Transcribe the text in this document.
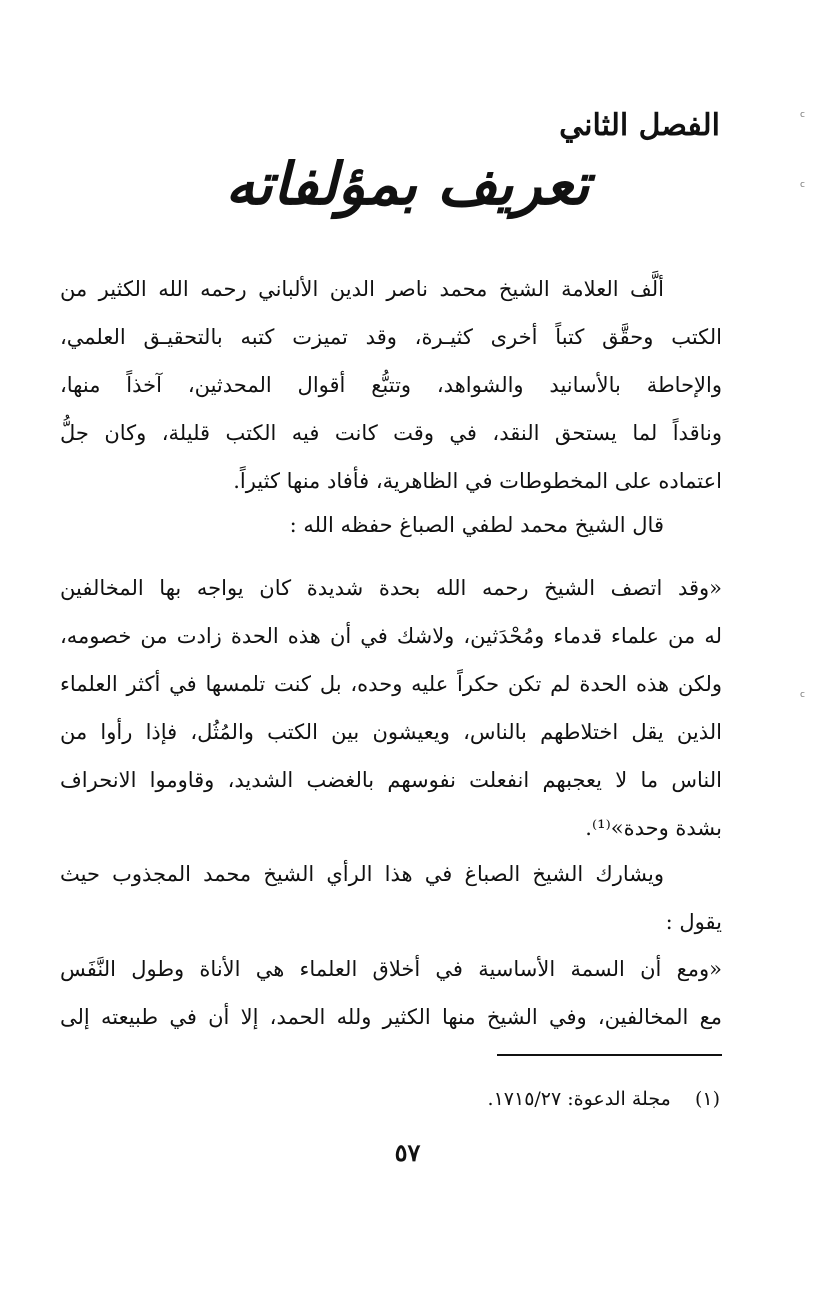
c
c
c
الفصل الثاني
تعريف بمؤلفاته
ألَّف العلامة الشيخ محمد ناصر الدين الألباني رحمه الله الكثير من
الكتب وحقَّق كتباً أخرى كثيـرة، وقد تميزت كتبه بالتحقيـق العلمي،
والإحاطة بالأسانيد والشواهد، وتتبُّع أقوال المحدثين، آخذاً منها،
وناقداً لما يستحق النقد، في وقت كانت فيه الكتب قليلة، وكان جلُّ
اعتماده على المخطوطات في الظاهرية، فأفاد منها كثيراً.
قال الشيخ محمد لطفي الصباغ حفظه الله :
«وقد اتصف الشيخ رحمه الله بحدة شديدة كان يواجه بها المخالفين
له من علماء قدماء ومُحْدَثين، ولاشك في أن هذه الحدة زادت من خصومه،
ولكن هذه الحدة لم تكن حكراً عليه وحده، بل كنت تلمسها في أكثر العلماء
الذين يقل اختلاطهم بالناس، ويعيشون بين الكتب والمُثُل، فإذا رأوا من
الناس ما لا يعجبهم انفعلت نفوسهم بالغضب الشديد، وقاوموا الانحراف
بشدة وحدة»⁽¹⁾.
ويشارك الشيخ الصباغ في هذا الرأي الشيخ محمد المجذوب حيث
يقول :
«ومع أن السمة الأساسية في أخلاق العلماء هي الأناة وطول النَّفَس
مع المخالفين، وفي الشيخ منها الكثير ولله الحمد، إلا أن في طبيعته إلى
(١)    مجلة الدعوة: ١٧١٥/٢٧.
٥٧
